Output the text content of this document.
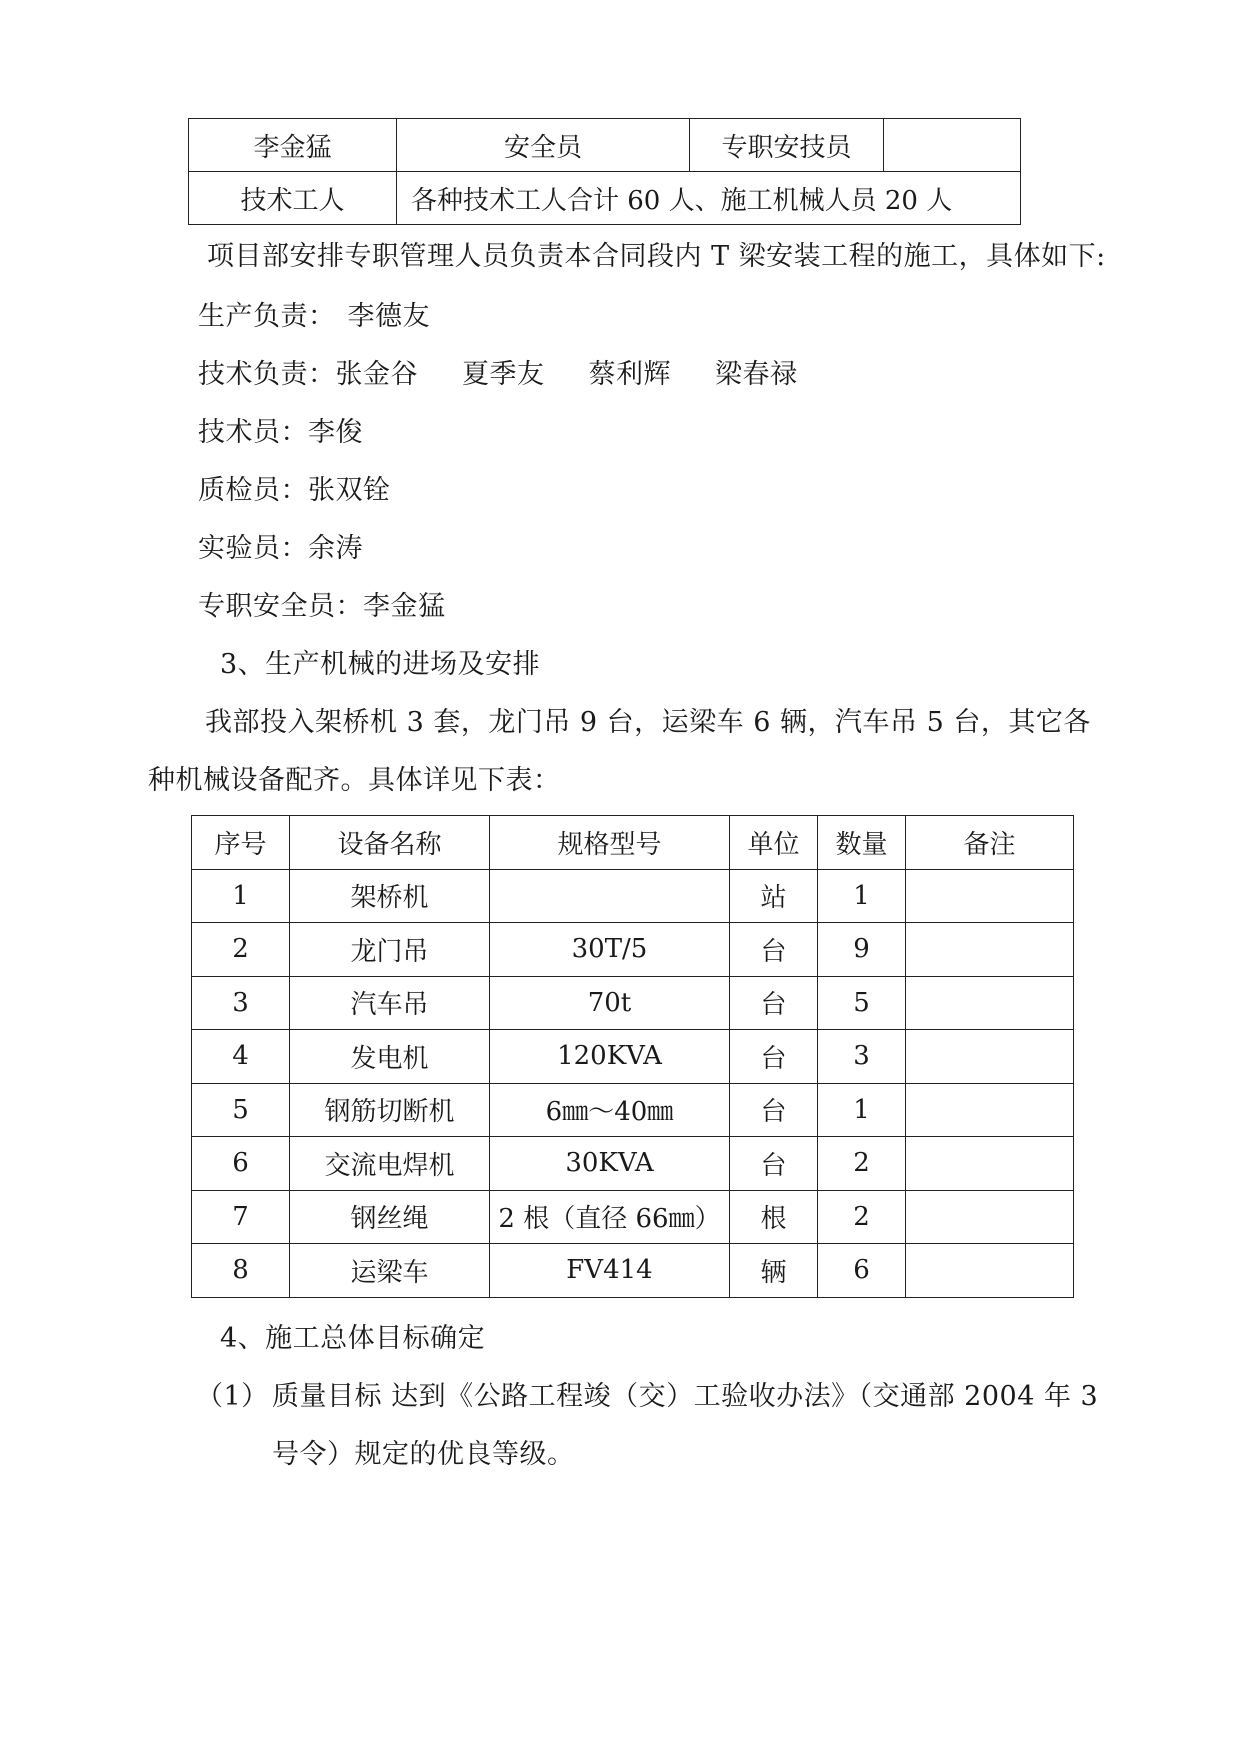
李金猛	安全员	专职安技员	
技术工人	各种技术工人合计 60 人、施工机械人员 20 人		
项目部安排专职管理人员负责本合同段内 T 梁安装工程的施工，具体如下:
生产负责： 李德友
技术负责：张金谷 夏季友 蔡利辉 梁春禄
技术员：李俊
质检员：张双铨
实验员：余涛
专职安全员：李金猛
3、生产机械的进场及安排
我部投入架桥机 3 套，龙门吊 9 台，运梁车 6 辆，汽车吊 5 台，其它各
种机械设备配齐。具体详见下表：
序号	设备名称	规格型号	单位	数量	备注
1	架桥机		站	1	
2	龙门吊	30T/5	台	9	
3	汽车吊	70t	台	5	
4	发电机	120KVA	台	3	
5	钢筋切断机	6㎜～40㎜	台	1	
6	交流电焊机	30KVA	台	2	
7	钢丝绳	2 根（直径 66㎜）	根	2	
8	运梁车	FV414	辆	6	
4、施工总体目标确定
（1） 质量目标 达到《公路工程竣（交）工验收办法》（交通部 2004 年 3
号令）规定的优良等级。
